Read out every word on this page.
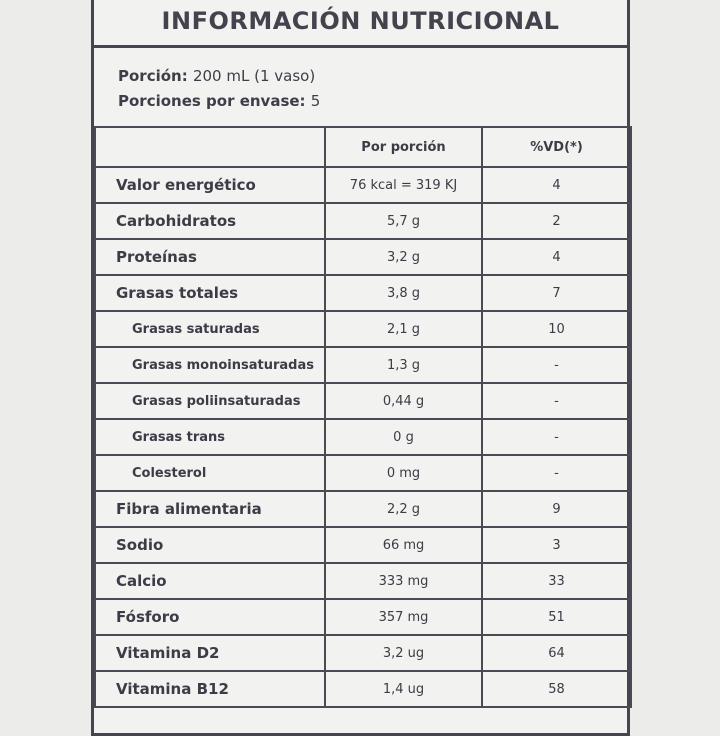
INFORMACIÓN NUTRICIONAL
Porción: 200 mL (1 vaso)
Porciones por envase: 5
	Por porción	%VD(*)
Valor energético	76 kcal = 319 KJ	4
Carbohidratos	5,7 g	2
Proteínas	3,2 g	4
Grasas totales	3,8 g	7
Grasas saturadas	2,1 g	10
Grasas monoinsaturadas	1,3 g	-
Grasas poliinsaturadas	0,44 g	-
Grasas trans	0 g	-
Colesterol	0 mg	-
Fibra alimentaria	2,2 g	9
Sodio	66 mg	3
Calcio	333 mg	33
Fósforo	357 mg	51
Vitamina D2	3,2 ug	64
Vitamina B12	1,4 ug	58
